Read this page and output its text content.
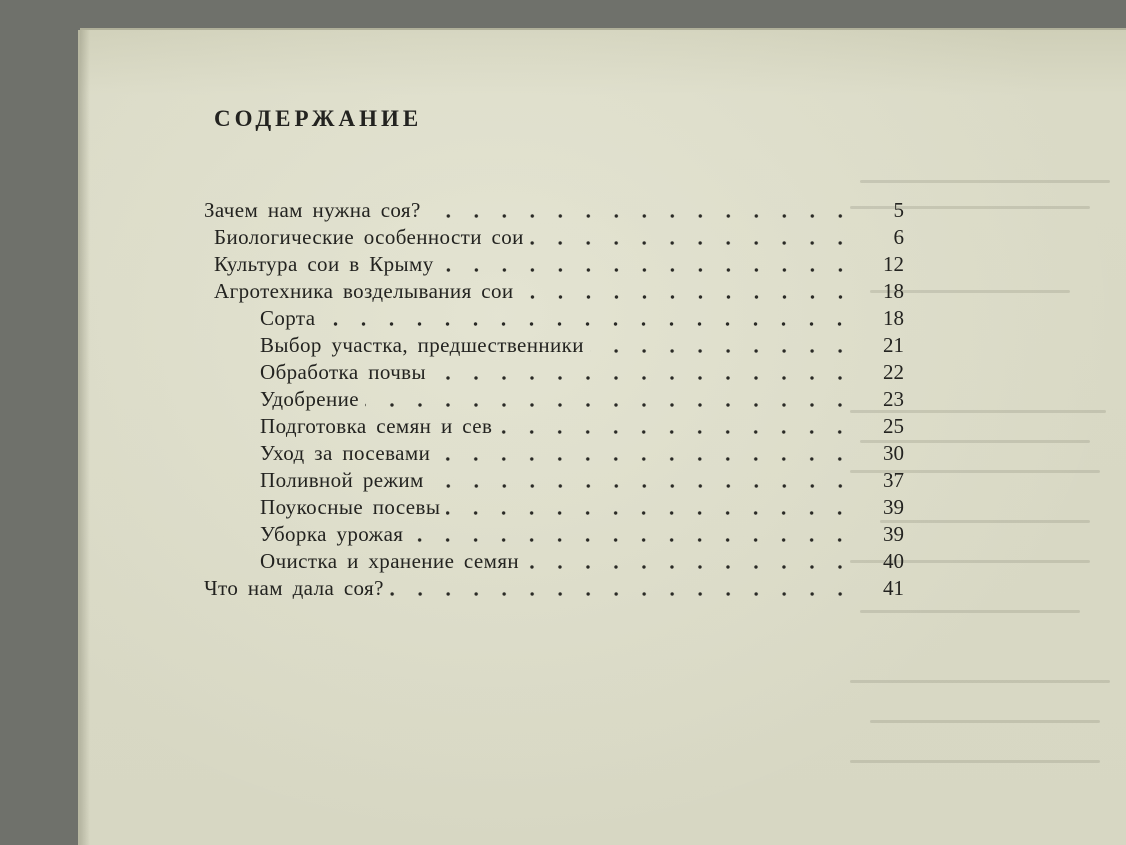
СОДЕРЖАНИЕ
Зачем нам нужна соя?	5
Биологические особенности сои	6
Культура сои в Крыму	12
Агротехника возделывания сои	18
Сорта	18
Выбор участка, предшественники	21
Обработка почвы	22
Удобрение	23
Подготовка семян и сев	25
Уход за посевами	30
Поливной режим	37
Поукосные посевы	39
Уборка урожая	39
Очистка и хранение семян	40
Что нам дала соя?	41
